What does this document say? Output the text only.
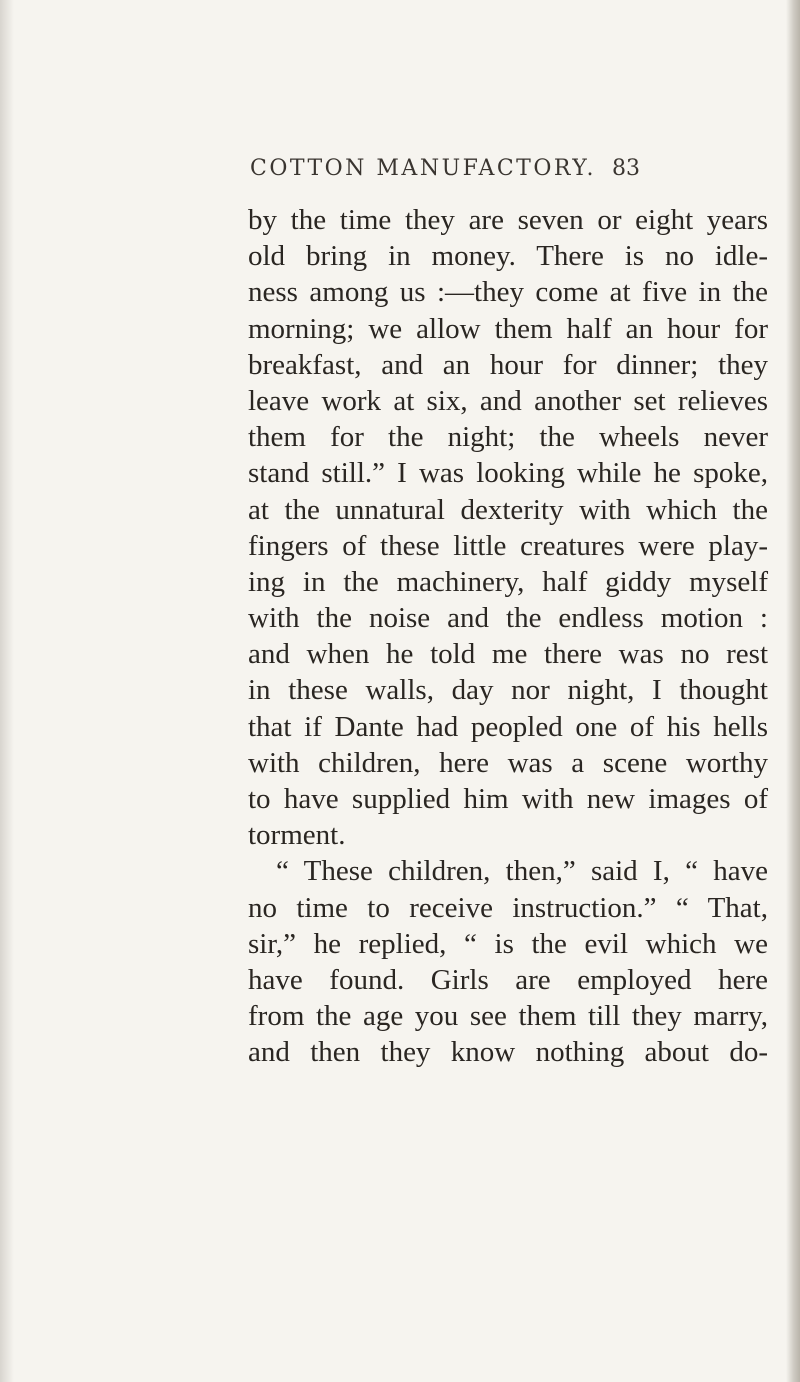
COTTON MANUFACTORY. 83
by the time they are seven or eight years
old bring in money. There is no idle-
ness among us :—they come at five in the
morning; we allow them half an hour for
breakfast, and an hour for dinner; they
leave work at six, and another set relieves
them for the night; the wheels never
stand still.” I was looking while he spoke,
at the unnatural dexterity with which the
fingers of these little creatures were play-
ing in the machinery, half giddy myself
with the noise and the endless motion :
and when he told me there was no rest
in these walls, day nor night, I thought
that if Dante had peopled one of his hells
with children, here was a scene worthy
to have supplied him with new images of
torment.
“ These children, then,” said I, “ have
no time to receive instruction.” “ That,
sir,” he replied, “ is the evil which we
have found. Girls are employed here
from the age you see them till they marry,
and then they know nothing about do-
